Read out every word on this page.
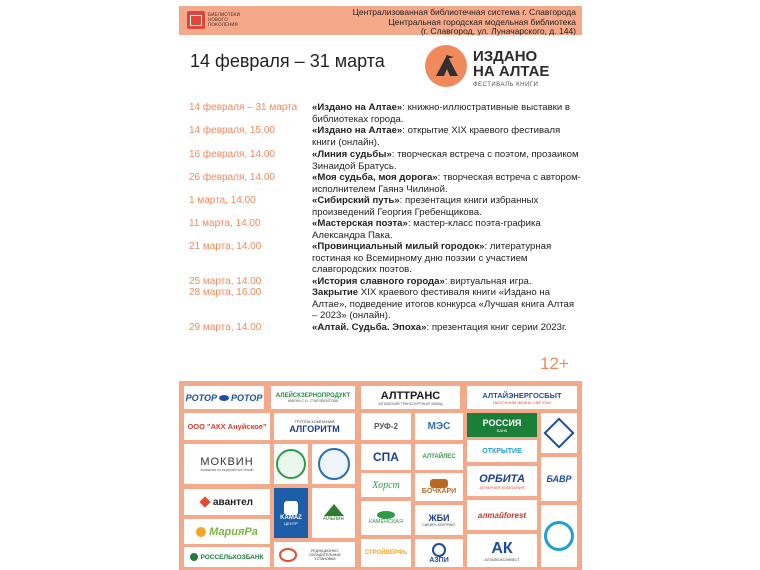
БИБЛИОТЕКИ НОВОГО ПОКОЛЕНИЯ
Централизованная библиотечная система г. Славгорода
Центральная городская модельная библиотека
(г. Славгород, ул. Луначарского, д. 144)
14 февраля – 31 марта	ИЗДАНО
НА АЛТАЕ
ФЕСТИВАЛЬ КНИГИ
14 февраля – 31 марта	«Издано на Алтае»: книжно-иллюстративные выставки в библиотеках города.
14 февраля, 15.00	«Издано на Алтае»: открытие XIX краевого фестиваля книги (онлайн).
16 февраля, 14.00	«Линия судьбы»: творческая встреча с поэтом, прозаиком Зинаидой Братусь.
26 февраля, 14.00	«Моя судьба, моя дорога»: творческая встреча с автором-исполнителем Гаянэ Чилиной.
1 марта, 14.00	«Сибирский путь»: презентация книги избранных произведений Георгия Гребенщикова.
11 марта, 14.00	«Мастерская поэта»: мастер-класс поэта-графика Александра Пака.
21 марта, 14.00	«Провинциальный милый городок»: литературная гостиная ко Всемирному дню поэзии с участием славгородских поэтов.
25 марта, 14.00	«История славного города»: виртуальная игра.
28 марта, 16.00	Закрытие XIX краевого фестиваля книги «Издано на Алтае», подведение итогов конкурса «Лучшая книга Алтая – 2023» (онлайн).
29 марта, 14.00	«Алтай. Судьба. Эпоха»: презентация книг серии 2023г.
12+
РОТОР РОТОР АЛЕЙСКЗЕРНОПРОДУКТ
ИМЕНИ С.Н. СТАРОВОЙТОВА	АЛТТРАНС
АЛТАЙСКИЙ ТРАНСПОРТНЫЙ ЗАВОД
АЛТАЙЭНЕРГОСБЫТ
НАПОЛНИМ ЖИЗНЬ СВЕТОМ!
ООО "АКХ Ануйское"
ГРУППА КОМПАНИЙ
АЛГОРИТМ	РУФ-2	МЭС	РОССИЯ
БАНК
МОКВИН
компания по переработке семян
СПА	АЛТАЙЛЕС
ОТКРЫТИЕ
ОРБИТА
АГРАРНАЯ КОМПАНИЯ
БАВР
Хорст
БОЧКАРИ
авантел
KAMAZ
ЦЕНТР
Альпин	КАМЕНСКАЯ	ЖБИ
СИБИРЬ КОНТРАКТ
алтайforest
МарияРа
РОССЕЛЬХОЗБАНК
РЕДУКЦИОННО-ОХЛАДИТЕЛЬНЫЕ УСТАНОВКИ
СТРОЙВЕРФЬ
АЗПИ
АК
АЛТАЙКОКСИНВЕСТ
